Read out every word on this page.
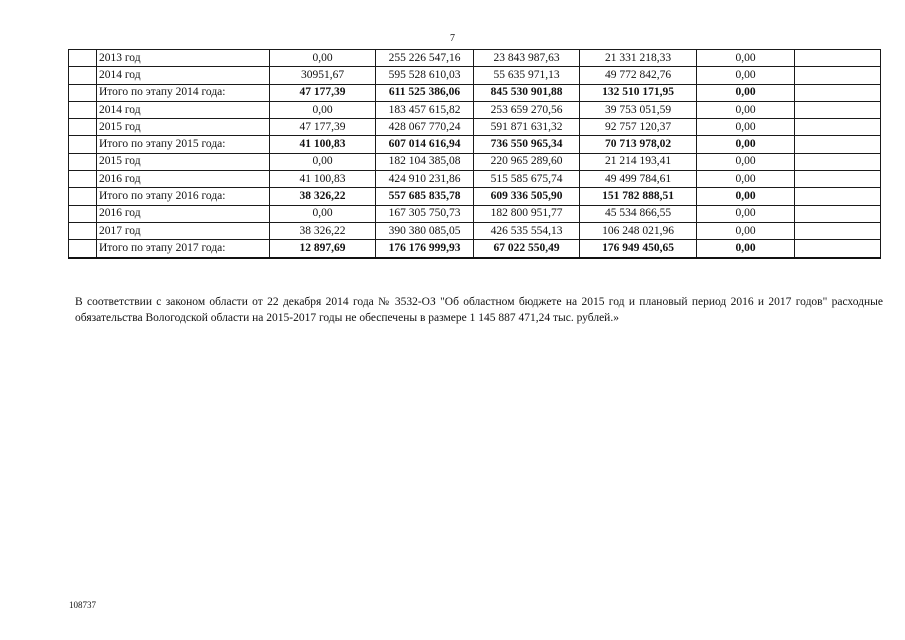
7
	2013 год	0,00	255 226 547,16	23 843 987,63	21 331 218,33	0,00	
	2014 год	30951,67	595 528 610,03	55 635 971,13	49 772 842,76	0,00	
	Итого по этапу 2014 года:	47 177,39	611 525 386,06	845 530 901,88	132 510 171,95	0,00	
	2014 год	0,00	183 457 615,82	253 659 270,56	39 753 051,59	0,00	
	2015 год	47 177,39	428 067 770,24	591 871 631,32	92 757 120,37	0,00	
	Итого по этапу 2015 года:	41 100,83	607 014 616,94	736 550 965,34	70 713 978,02	0,00	
	2015 год	0,00	182 104 385,08	220 965 289,60	21 214 193,41	0,00	
	2016 год	41 100,83	424 910 231,86	515 585 675,74	49 499 784,61	0,00	
	Итого по этапу 2016 года:	38 326,22	557 685 835,78	609 336 505,90	151 782 888,51	0,00	
	2016 год	0,00	167 305 750,73	182 800 951,77	45 534 866,55	0,00	
	2017 год	38 326,22	390 380 085,05	426 535 554,13	106 248 021,96	0,00	
	Итого по этапу 2017 года:	12 897,69	176 176 999,93	67 022 550,49	176 949 450,65	0,00	
В соответствии с законом области от 22 декабря 2014 года № 3532-ОЗ "Об областном бюджете на 2015 год и плановый период 2016 и 2017 годов" расходные обязательства Вологодской области на 2015-2017 годы не обеспечены в размере 1 145 887 471,24 тыс. рублей.»
108737
